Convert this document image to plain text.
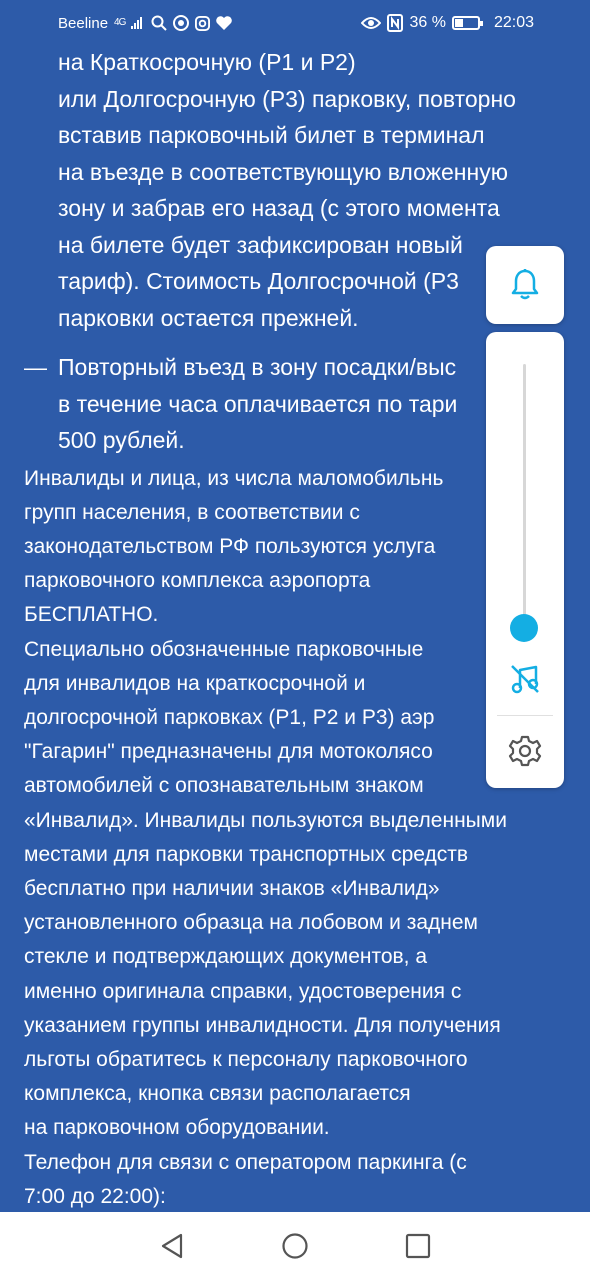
Beeline 4G	36 %	22:03
на Краткосрочную (P1 и P2)
или Долгосрочную (P3) парковку, повторно
вставив парковочный билет в терминал
на въезде в соответствующую вложенную
зону и забрав его назад (с этого момента
на билете будет зафиксирован новый
тариф). Стоимость Долгосрочной (P3
парковки остается прежней.
— Повторный въезд в зону посадки/выс
в течение часа оплачивается по тари
500 рублей.
Инвалиды и лица, из числа маломобильнь
групп населения, в соответствии с
законодательством РФ пользуются услуга
парковочного комплекса аэропорта
БЕСПЛАТНО.
Специально обозначенные парковочные
для инвалидов на краткосрочной и
долгосрочной парковках (P1, P2 и P3) аэр
"Гагарин" предназначены для мотоколясо
автомобилей с опознавательным знаком
«Инвалид». Инвалиды пользуются выделенными
местами для парковки транспортных средств
бесплатно при наличии знаков «Инвалид»
установленного образца на лобовом и заднем
стекле и подтверждающих документов, а
именно оригинала справки, удостоверения с
указанием группы инвалидности. Для получения
льготы обратитесь к персоналу парковочного
комплекса, кнопка связи располагается
на парковочном оборудовании.
Телефон для связи с оператором паркинга (с
7:00 до 22:00):
